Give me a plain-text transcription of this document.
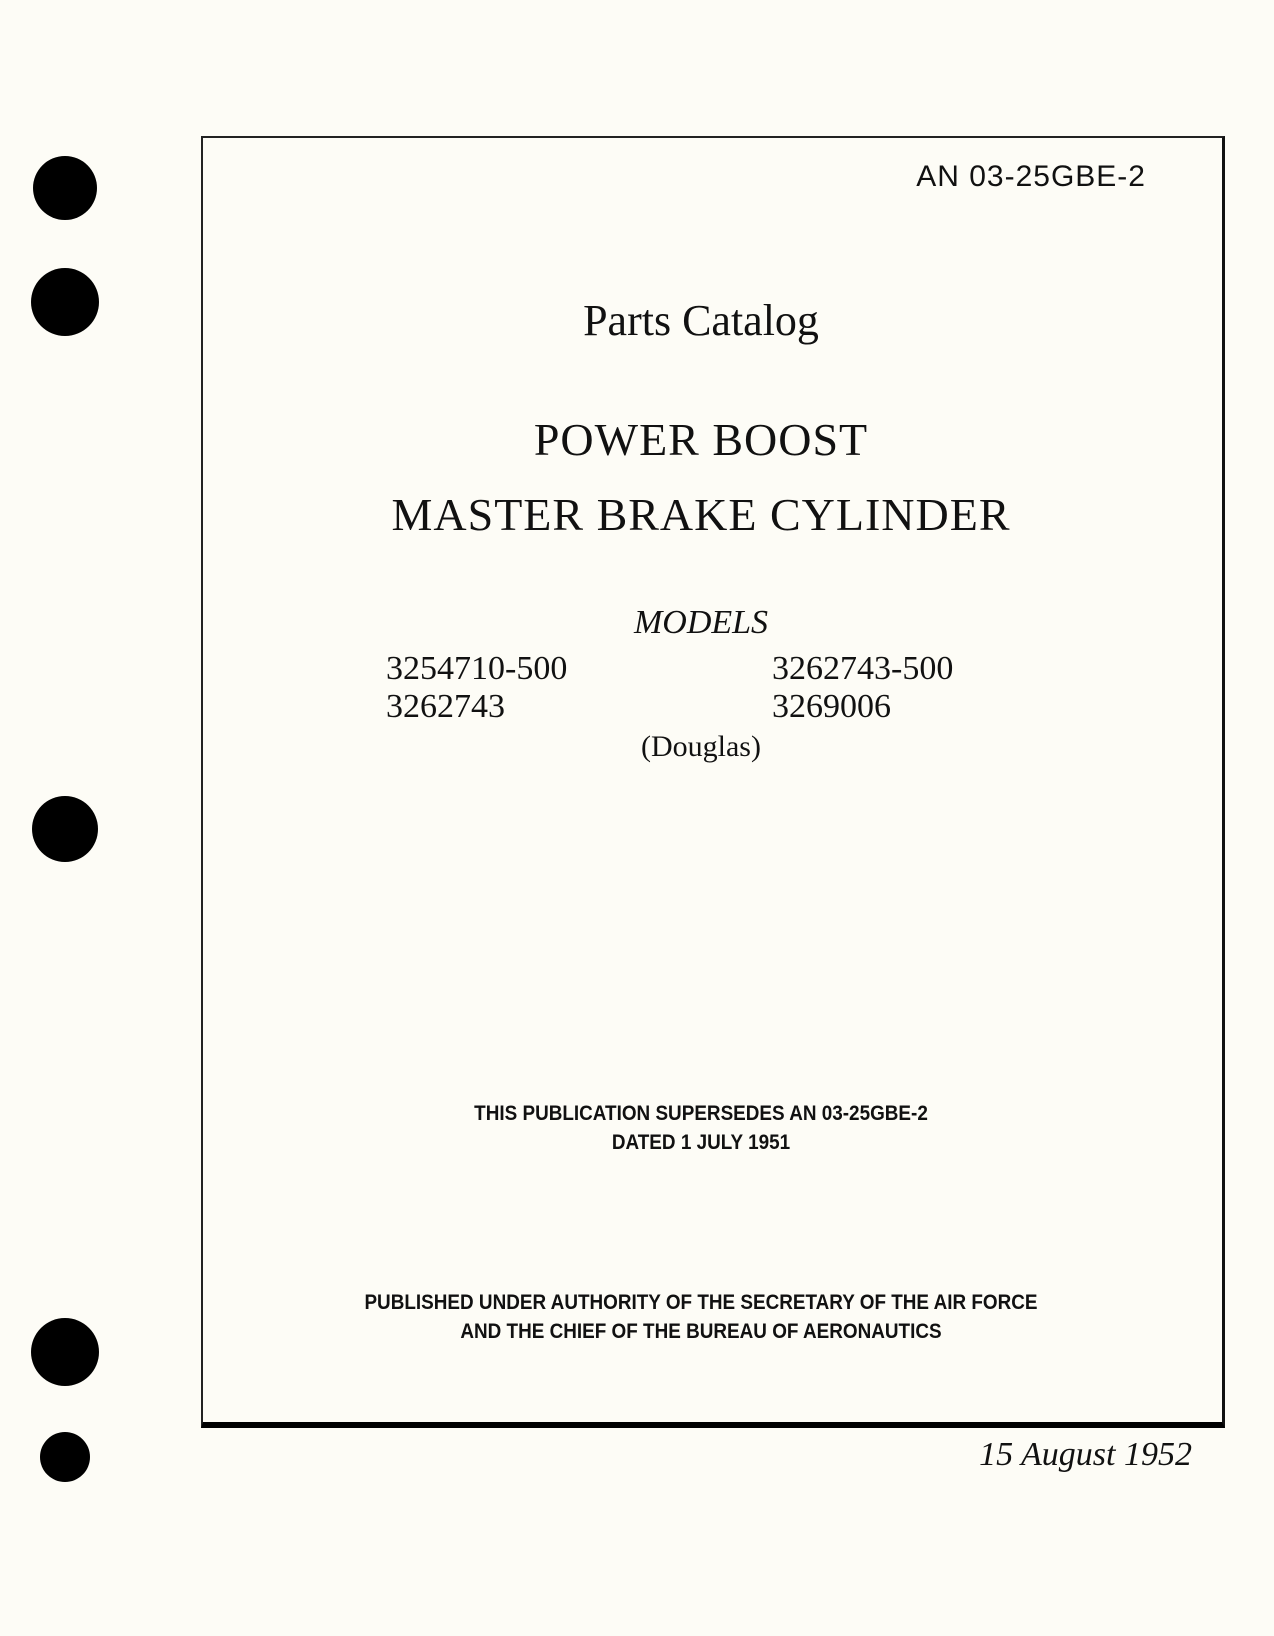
AN 03-25GBE-2
Parts Catalog
POWER BOOST
MASTER BRAKE CYLINDER
MODELS
3254710-500	3262743-500
3262743	3269006
(Douglas)
THIS PUBLICATION SUPERSEDES AN 03-25GBE-2
DATED 1 JULY 1951
PUBLISHED UNDER AUTHORITY OF THE SECRETARY OF THE AIR FORCE
AND THE CHIEF OF THE BUREAU OF AERONAUTICS
15 August 1952
